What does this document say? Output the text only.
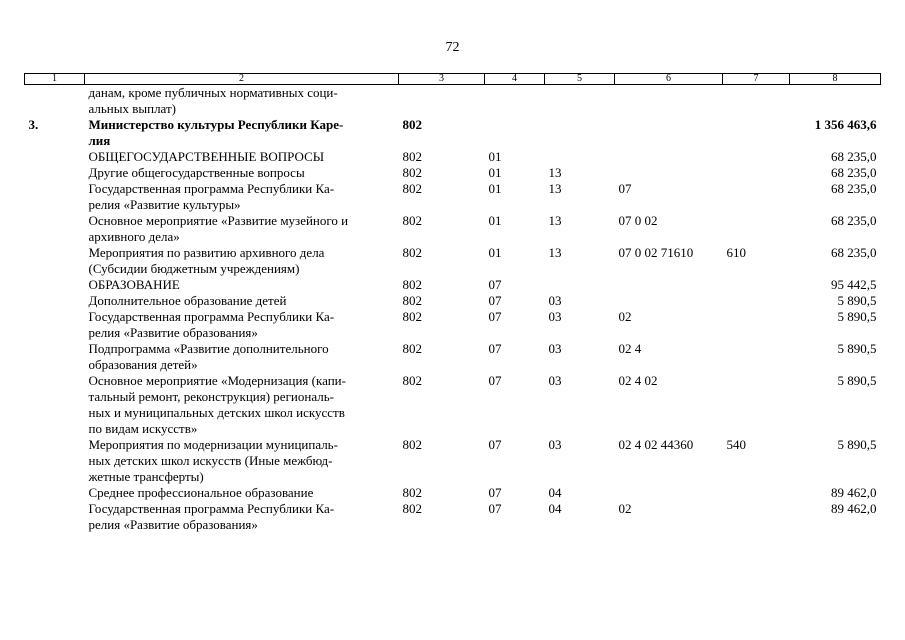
72
1	2	3	4	5	6	7	8
	данам, кроме публичных нормативных соци-
альных выплат)						
3.	Министерство культуры Республики Каре-
лия	802					1 356 463,6
	ОБЩЕГОСУДАРСТВЕННЫЕ ВОПРОСЫ	802	01				68 235,0
	Другие общегосударственные вопросы	802	01	13			68 235,0
	Государственная программа Республики Ка-
релия «Развитие культуры»	802	01	13	07		68 235,0
	Основное мероприятие «Развитие музейного и
архивного дела»	802	01	13	07 0 02		68 235,0
	Мероприятия по развитию архивного дела
(Субсидии бюджетным учреждениям)	802	01	13	07 0 02 71610	610	68 235,0
	ОБРАЗОВАНИЕ	802	07				95 442,5
	Дополнительное образование детей	802	07	03			5 890,5
	Государственная программа Республики Ка-
релия «Развитие образования»	802	07	03	02		5 890,5
	Подпрограмма «Развитие дополнительного
образования детей»	802	07	03	02 4		5 890,5
	Основное мероприятие «Модернизация (капи-
тальный ремонт, реконструкция) региональ-
ных и муниципальных детских школ искусств
по видам искусств»	802	07	03	02 4 02		5 890,5
	Мероприятия по модернизации муниципаль-
ных детских школ искусств (Иные межбюд-
жетные трансферты)	802	07	03	02 4 02 44360	540	5 890,5
	Среднее профессиональное образование	802	07	04			89 462,0
	Государственная программа Республики Ка-
релия «Развитие образования»	802	07	04	02		89 462,0
